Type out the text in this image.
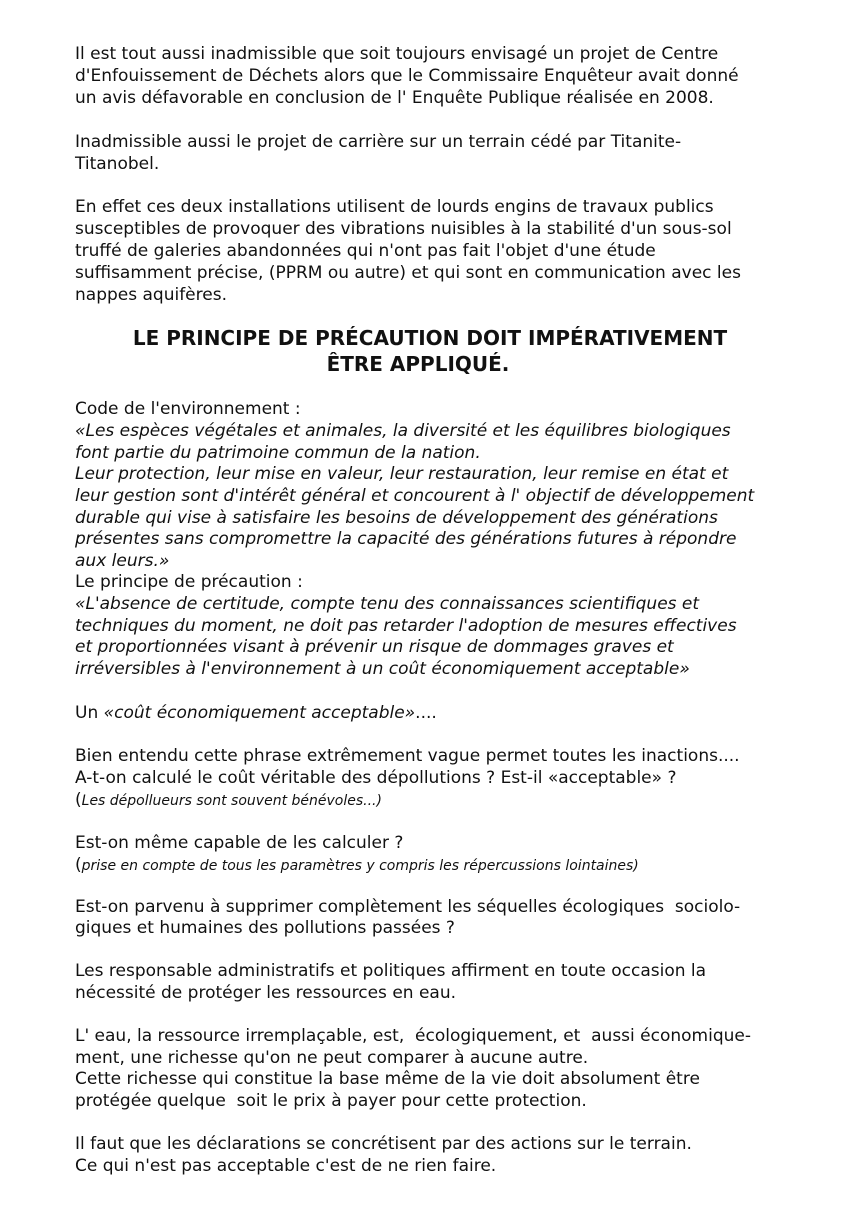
Il est tout aussi inadmissible que soit toujours envisagé un projet de Centre
d'Enfouissement de Déchets alors que le Commissaire Enquêteur avait donné
un avis défavorable en conclusion de l' Enquête Publique réalisée en 2008.
Inadmissible aussi le projet de carrière sur un terrain cédé par Titanite-
Titanobel.
En effet ces deux installations utilisent de lourds engins de travaux publics
susceptibles de provoquer des vibrations nuisibles à la stabilité d'un sous-sol
truffé de galeries abandonnées qui n'ont pas fait l'objet d'une étude
suffisamment précise, (PPRM ou autre) et qui sont en communication avec les
nappes aquifères.
LE PRINCIPE DE PRÉCAUTION DOIT IMPÉRATIVEMENT
ÊTRE APPLIQUÉ.
Code de l'environnement :
«Les espèces végétales et animales, la diversité et les équilibres biologiques
font partie du patrimoine commun de la nation.
Leur protection, leur mise en valeur, leur restauration, leur remise en état et
leur gestion sont d'intérêt général et concourent à l' objectif de développement
durable qui vise à satisfaire les besoins de développement des générations
présentes sans compromettre la capacité des générations futures à répondre
aux leurs.»
Le principe de précaution :
«L'absence de certitude, compte tenu des connaissances scientifiques et
techniques du moment, ne doit pas retarder l'adoption de mesures effectives
et proportionnées visant à prévenir un risque de dommages graves et
irréversibles à l'environnement à un coût économiquement acceptable»
Un «coût économiquement acceptable»....
Bien entendu cette phrase extrêmement vague permet toutes les inactions....
A-t-on calculé le coût véritable des dépollutions ? Est-il «acceptable» ?
(Les dépollueurs sont souvent bénévoles...)
Est-on même capable de les calculer ?
(prise en compte de tous les paramètres y compris les répercussions lointaines)
Est-on parvenu à supprimer complètement les séquelles écologiques  sociolo-
giques et humaines des pollutions passées ?
Les responsable administratifs et politiques affirment en toute occasion la
nécessité de protéger les ressources en eau.
L' eau, la ressource irremplaçable, est,  écologiquement, et  aussi économique-
ment, une richesse qu'on ne peut comparer à aucune autre.
Cette richesse qui constitue la base même de la vie doit absolument être
protégée quelque  soit le prix à payer pour cette protection.
Il faut que les déclarations se concrétisent par des actions sur le terrain.
Ce qui n'est pas acceptable c'est de ne rien faire.
